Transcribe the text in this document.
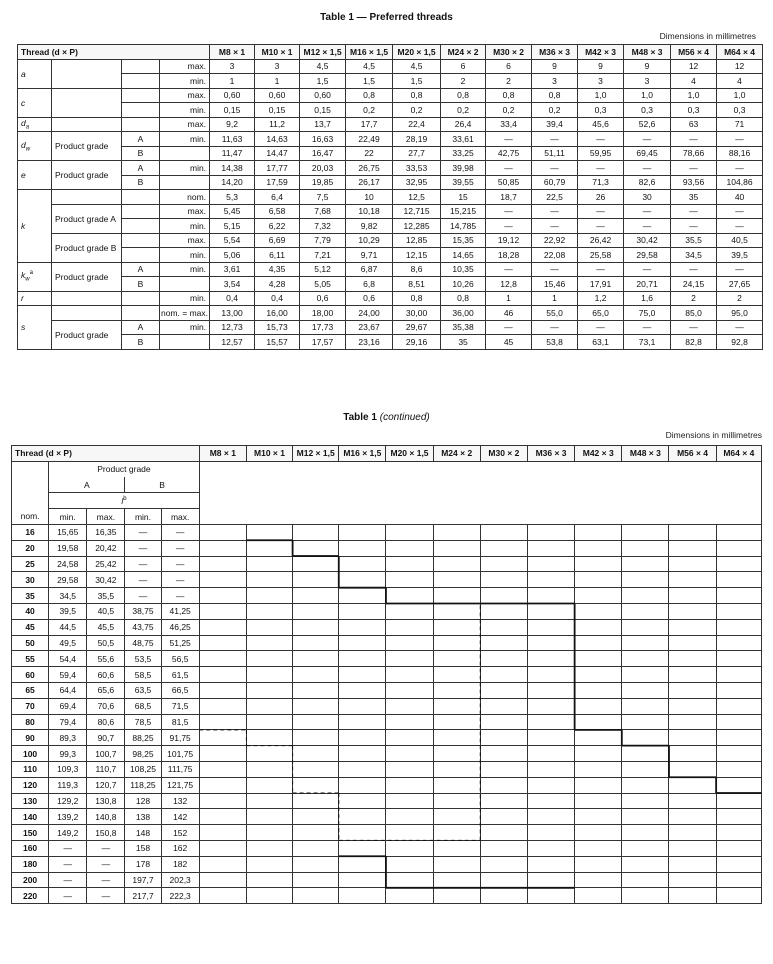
Table 1 — Preferred threads
Dimensions in millimetres
Thread (d × P)				M8 × 1	M10 × 1	M12 × 1,5	M16 × 1,5	M20 × 1,5	M24 × 2	M30 × 2	M36 × 3	M42 × 3	M48 × 3	M56 × 4	M64 × 4
a			max.	3	3	4,5	4,5	4,5	6	6	9	9	9	12	12
			min.	1	1	1,5	1,5	1,5	2	2	3	3	3	4	4
c			max.	0,60	0,60	0,60	0,8	0,8	0,8	0,8	0,8	1,0	1,0	1,0	1,0
			min.	0,15	0,15	0,15	0,2	0,2	0,2	0,2	0,2	0,3	0,3	0,3	0,3
$d_a$			max.	9,2	11,2	13,7	17,7	22,4	26,4	33,4	39,4	45,6	52,6	63	71
$d_w$	Product grade	A	min.	11,63	14,63	16,63	22,49	28,19	33,61	—	—	—	—	—	—
		B		11,47	14,47	16,47	22	27,7	33,25	42,75	51,11	59,95	69,45	78,66	88,16
e	Product grade	A	min.	14,38	17,77	20,03	26,75	33,53	39,98	—	—	—	—	—	—
		B		14,20	17,59	19,85	26,17	32,95	39,55	50,85	60,79	71,3	82,6	93,56	104,86
k			nom.	5,3	6,4	7,5	10	12,5	15	18,7	22,5	26	30	35	40
	Product grade A		max.	5,45	6,58	7,68	10,18	12,715	15,215	—	—	—	—	—	—
			min.	5,15	6,22	7,32	9,82	12,285	14,785	—	—	—	—	—	—
	Product grade B		max.	5,54	6,69	7,79	10,29	12,85	15,35	19,12	22,92	26,42	30,42	35,5	40,5
			min.	5,06	6,11	7,21	9,71	12,15	14,65	18,28	22,08	25,58	29,58	34,5	39,5
$k_w^a$	Product grade	A	min.	3,61	4,35	5,12	6,87	8,6	10,35	—	—	—	—	—	—
		B		3,54	4,28	5,05	6,8	8,51	10,26	12,8	15,46	17,91	20,71	24,15	27,65
r			min.	0,4	0,4	0,6	0,6	0,8	0,8	1	1	1,2	1,6	2	2
s			nom. = max.	13,00	16,00	18,00	24,00	30,00	36,00	46	55,0	65,0	75,0	85,0	95,0
	Product grade	A	min.	12,73	15,73	17,73	23,67	29,67	35,38	—	—	—	—	—	—
		B		12,57	15,57	17,57	23,16	29,16	35	45	53,8	63,1	73,1	82,8	92,8
Table 1 (continued)
Dimensions in millimetres
Thread (d × P)					M8 × 1	M10 × 1	M12 × 1,5	M16 × 1,5	M20 × 1,5	M24 × 2	M30 × 2	M36 × 3	M42 × 3	M48 × 3	M56 × 4	M64 × 4
	Product grade															
	A		B													
	$l^b$
nom.	min.	max.	min.	max.												
16	15,65	16,35	—	—												
20	19,58	20,42	—	—												
25	24,58	25,42	—	—												
30	29,58	30,42	—	—												
35	34,5	35,5	—	—												
40	39,5	40,5	38,75	41,25												
45	44,5	45,5	43,75	46,25												
50	49,5	50,5	48,75	51,25												
55	54,4	55,6	53,5	56,5												
60	59,4	60,6	58,5	61,5												
65	64,4	65,6	63,5	66,5												
70	69,4	70,6	68,5	71,5												
80	79,4	80,6	78,5	81,5												
90	89,3	90,7	88,25	91,75												
100	99,3	100,7	98,25	101,75												
110	109,3	110,7	108,25	111,75												
120	119,3	120,7	118,25	121,75												
130	129,2	130,8	128	132												
140	139,2	140,8	138	142												
150	149,2	150,8	148	152												
160	—	—	158	162												
180	—	—	178	182												
200	—	—	197,7	202,3												
220	—	—	217,7	222,3												
